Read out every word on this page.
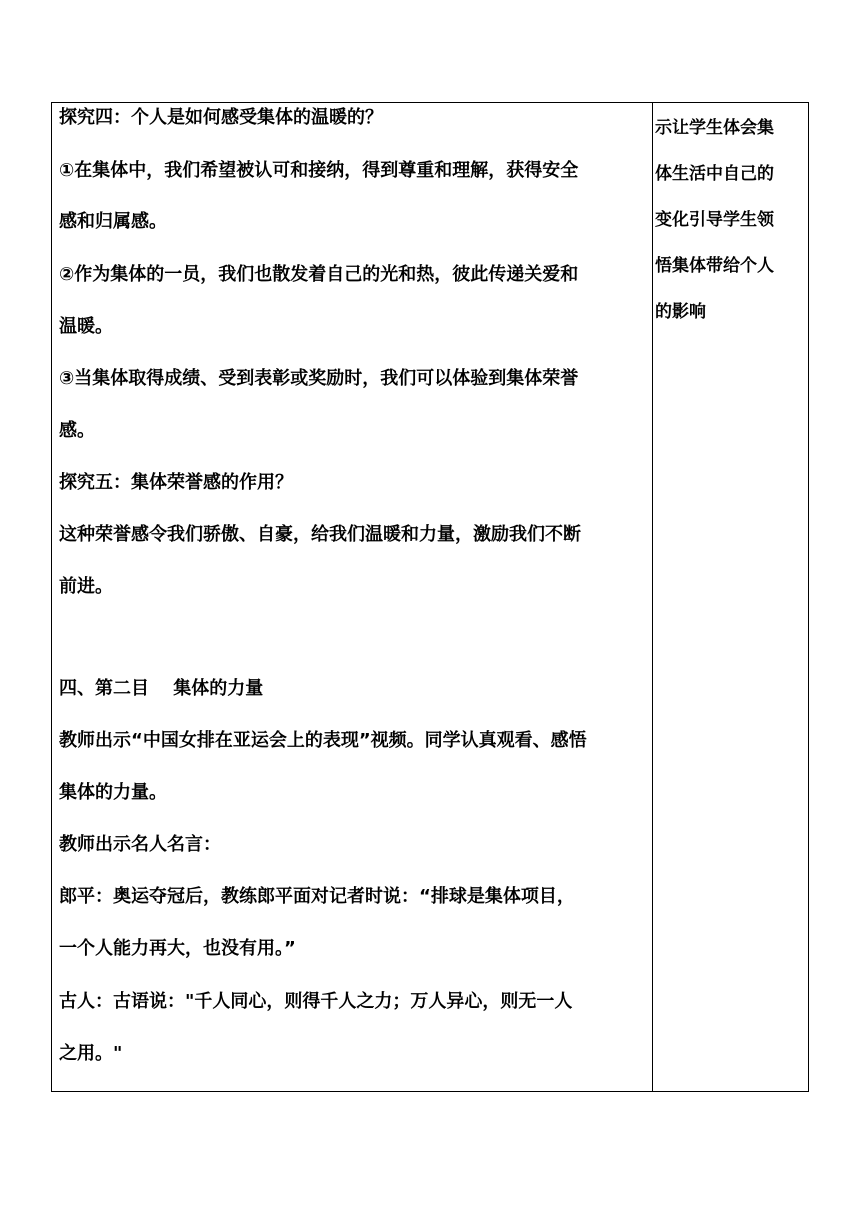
探究四：个人是如何感受集体的温暖的？
①在集体中，我们希望被认可和接纳，得到尊重和理解，获得安全
感和归属感。
②作为集体的一员，我们也散发着自己的光和热，彼此传递关爱和
温暖。
③当集体取得成绩、受到表彰或奖励时，我们可以体验到集体荣誉
感。
探究五：集体荣誉感的作用？
这种荣誉感令我们骄傲、自豪，给我们温暖和力量，激励我们不断
前进。
四、第二目　 集体的力量
教师出示“中国女排在亚运会上的表现”视频。同学认真观看、感悟
集体的力量。
教师出示名人名言：
郎平：奥运夺冠后，教练郎平面对记者时说：“排球是集体项目，
一个人能力再大，也没有用。”
古人：古语说："千人同心，则得千人之力；万人异心，则无一人
之用。"
示让学生体会集
体生活中自己的
变化引导学生领
悟集体带给个人
的影响
